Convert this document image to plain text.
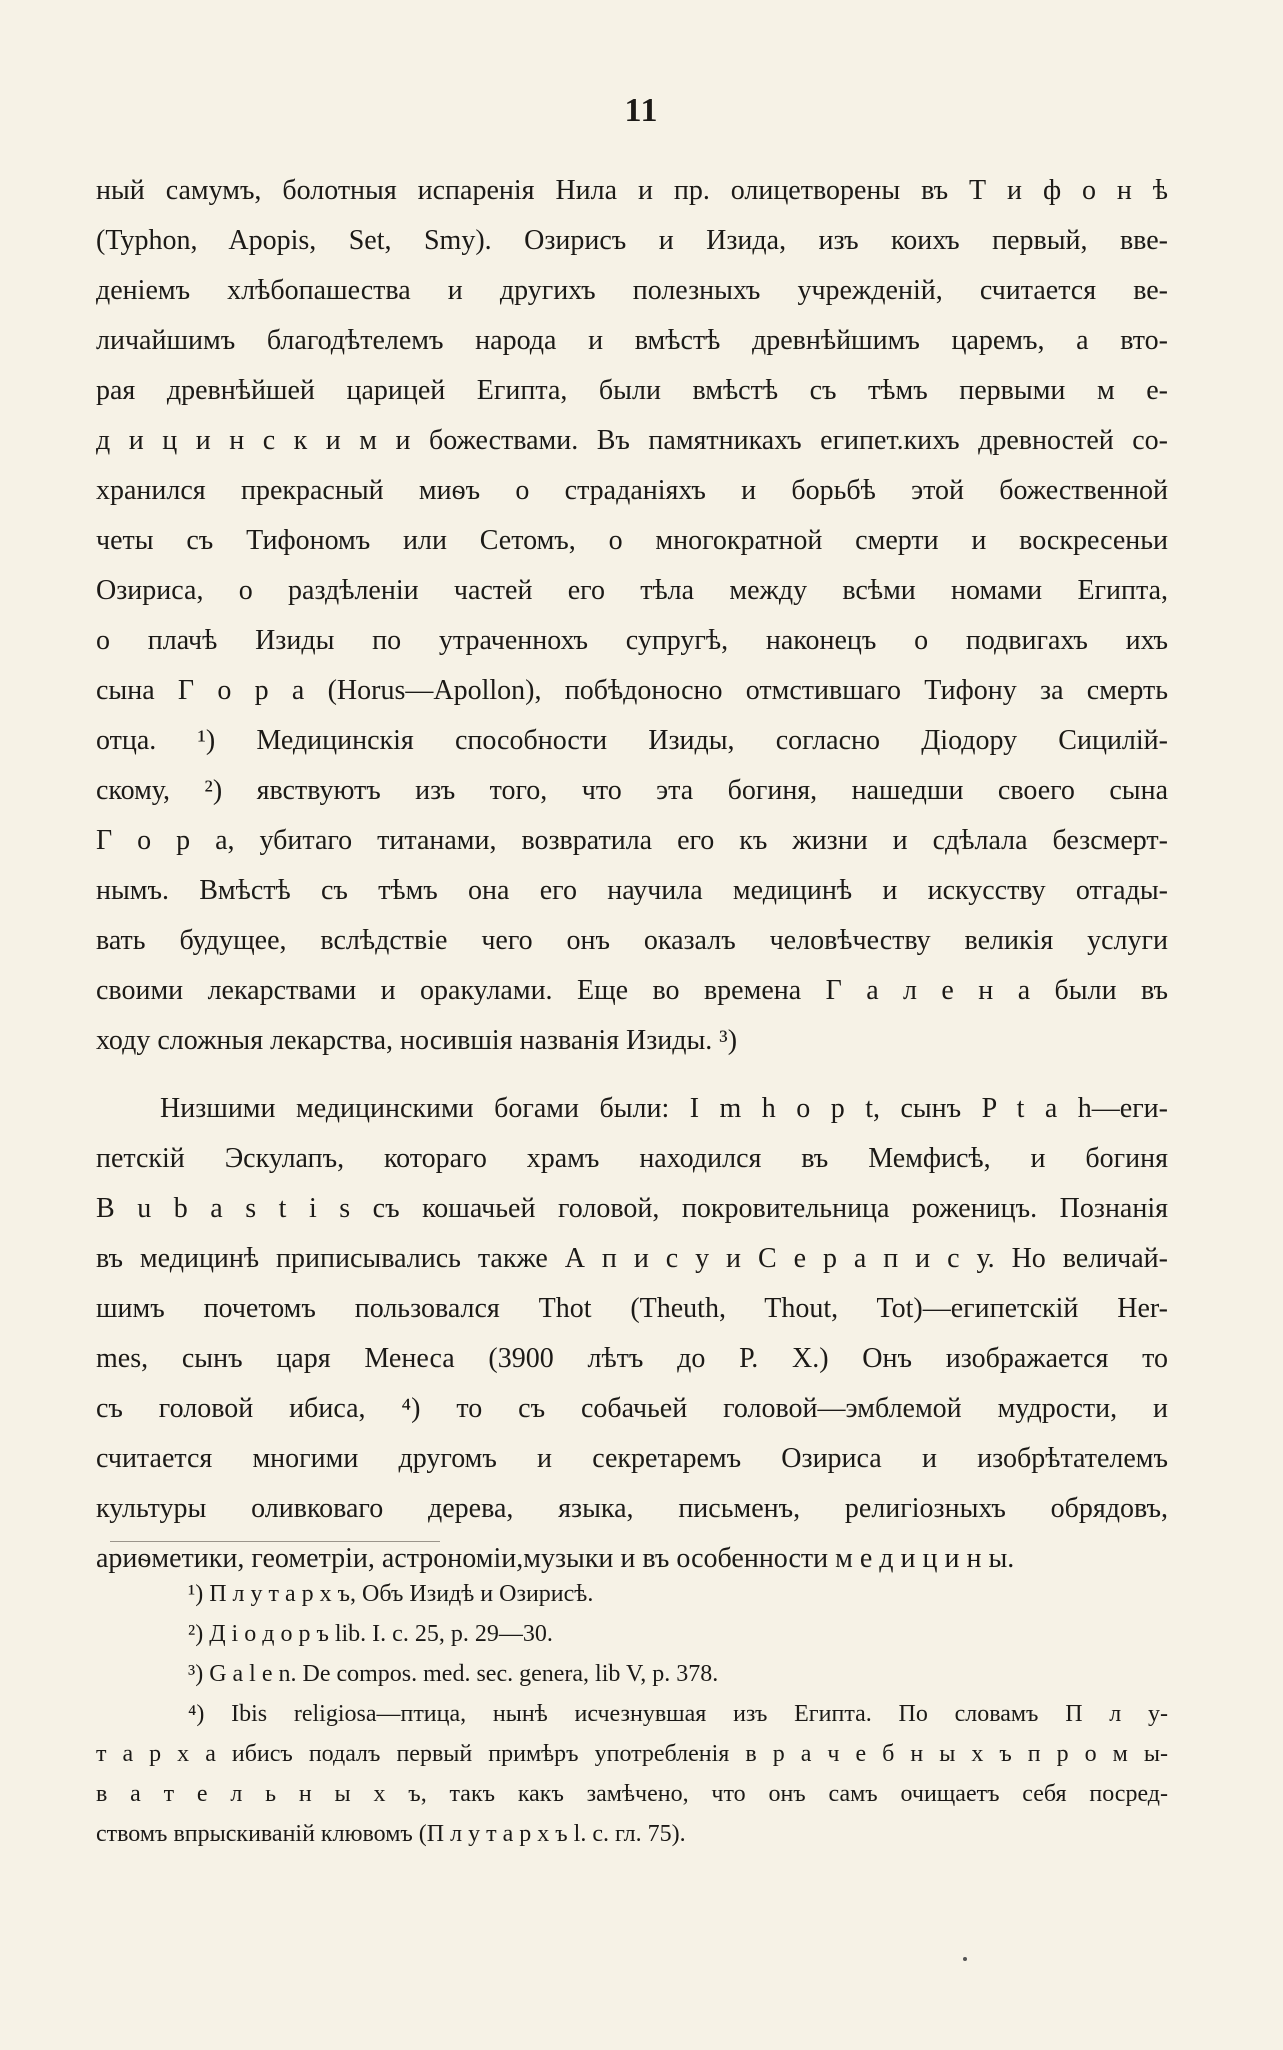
11
ный самумъ, болотныя испаренія Нила и пр. олицетворены въ Т и ф о н ѣ
(Typhon, Apopis, Set, Smy). Озирисъ и Изида, изъ коихъ первый, вве-
деніемъ хлѣбопашества и другихъ полезныхъ учрежденій, считается ве-
личайшимъ благодѣтелемъ народа и вмѣстѣ древнѣйшимъ царемъ, а вто-
рая древнѣйшей царицей Египта, были вмѣстѣ съ тѣмъ первыми м е-
д и ц и н с к и м и божествами. Въ памятникахъ египет.кихъ древностей со-
хранился прекрасный миѳъ о страданіяхъ и борьбѣ этой божественной
четы съ Тифономъ или Сетомъ, о многократной смерти и воскресеньи
Озириса, о раздѣленіи частей его тѣла между всѣми номами Египта,
о плачѣ Изиды по утраченнохъ супругѣ, наконецъ о подвигахъ ихъ
сына Г о р а (Horus—Apollon), побѣдоносно отмстившаго Тифону за смерть
отца. ¹) Медицинскія способности Изиды, согласно Діодору Сицилій-
скому, ²) явствуютъ изъ того, что эта богиня, нашедши своего сына
Г о р а, убитаго титанами, возвратила его къ жизни и сдѣлала безсмерт-
нымъ. Вмѣстѣ съ тѣмъ она его научила медицинѣ и искусству отгады-
вать будущее, вслѣдствіе чего онъ оказалъ человѣчеству великія услуги
своими лекарствами и оракулами. Еще во времена Г а л е н а были въ
ходу сложныя лекарства, носившія названія Изиды. ³)
Низшими медицинскими богами были: I m h o p t, сынъ P t a h—еги-
петскій Эскулапъ, котораго храмъ находился въ Мемфисѣ, и богиня
B u b a s t i s съ кошачьей головой, покровительница роженицъ. Познанія
въ медицинѣ приписывались также А п и с у и С е р а п и с у. Но величай-
шимъ почетомъ пользовался Thot (Theuth, Thout, Tot)—египетскій Her-
mes, сынъ царя Менеса (3900 лѣтъ до Р. Х.) Онъ изображается то
съ головой ибиса, ⁴) то съ собачьей головой—эмблемой мудрости, и
считается многими другомъ и секретаремъ Озириса и изобрѣтателемъ
культуры оливковаго дерева, языка, письменъ, религіозныхъ обрядовъ,
ариѳметики, геометріи, астрономіи,музыки и въ особенности м е д и ц и н ы.
¹) П л у т а р х ъ, Объ Изидѣ и Озирисѣ.
²) Д і о д о р ъ lib. I. c. 25, p. 29—30.
³) G a l e n. De compos. med. sec. genera, lib V, p. 378.
⁴) Ibis religiosa—птица, нынѣ исчезнувшая изъ Египта. По словамъ П л у-
т а р х а ибисъ подалъ первый примѣръ употребленія в р а ч е б н ы х ъ п р о м ы-
в а т е л ь н ы х ъ, такъ какъ замѣчено, что онъ самъ очищаетъ себя посред-
ствомъ впрыскиваній клювомъ (П л у т а р х ъ l. c. гл. 75).
